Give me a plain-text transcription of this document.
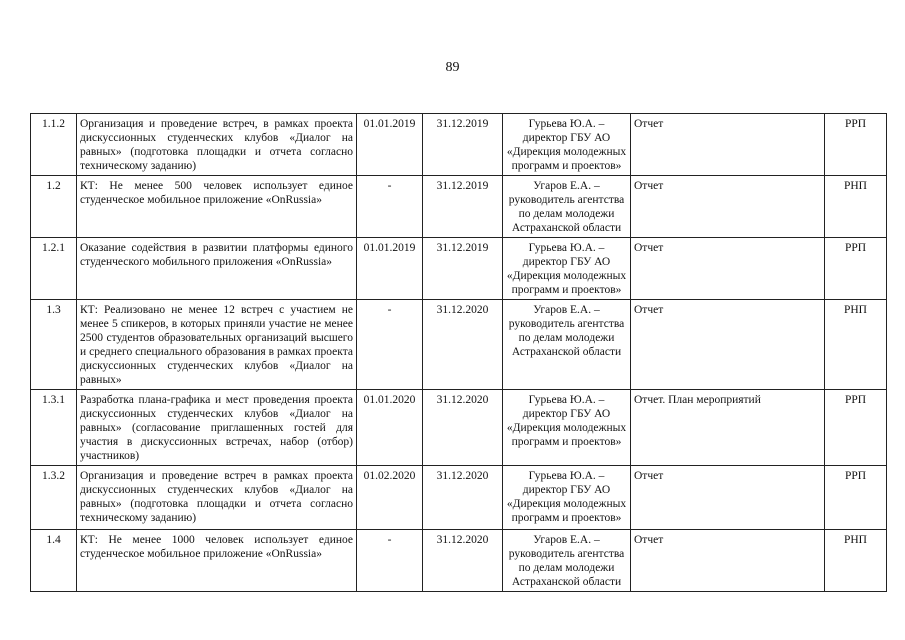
89
1.1.2	Организация и проведение встреч, в рамках проекта дискуссионных студенческих клубов «Диалог на равных» (подготовка площадки и отчета согласно техническому заданию)	01.01.2019	31.12.2019	Гурьева Ю.А. – директор ГБУ АО «Дирекция молодежных программ и проектов»	Отчет	РРП
1.2	КТ: Не менее 500 человек использует единое студенческое мобильное приложение «OnRussia»	-	31.12.2019	Угаров Е.А. – руководитель агентства по делам молодежи Астраханской области	Отчет	РНП
1.2.1	Оказание содействия в развитии платформы единого студенческого мобильного приложения «OnRussia»	01.01.2019	31.12.2019	Гурьева Ю.А. – директор ГБУ АО «Дирекция молодежных программ и проектов»	Отчет	РРП
1.3	КТ: Реализовано не менее 12 встреч с участием не менее 5 спикеров, в которых приняли участие не менее 2500 студентов образовательных организаций высшего и среднего специального образования в рамках проекта дискуссионных студенческих клубов «Диалог на равных»	-	31.12.2020	Угаров Е.А. – руководитель агентства по делам молодежи Астраханской области	Отчет	РНП
1.3.1	Разработка плана-графика и мест проведения проекта дискуссионных студенческих клубов «Диалог на равных» (согласование приглашенных гостей для участия в дискуссионных встречах, набор (отбор) участников)	01.01.2020	31.12.2020	Гурьева Ю.А. – директор ГБУ АО «Дирекция молодежных программ и проектов»	Отчет. План мероприятий	РРП
1.3.2	Организация и проведение встреч в рамках проекта дискуссионных студенческих клубов «Диалог на равных» (подготовка площадки и отчета согласно техническому заданию)	01.02.2020	31.12.2020	Гурьева Ю.А. – директор ГБУ АО «Дирекция молодежных программ и проектов»	Отчет	РРП
1.4	КТ: Не менее 1000 человек использует единое студенческое мобильное приложение «OnRussia»	-	31.12.2020	Угаров Е.А. – руководитель агентства по делам молодежи Астраханской области	Отчет	РНП
